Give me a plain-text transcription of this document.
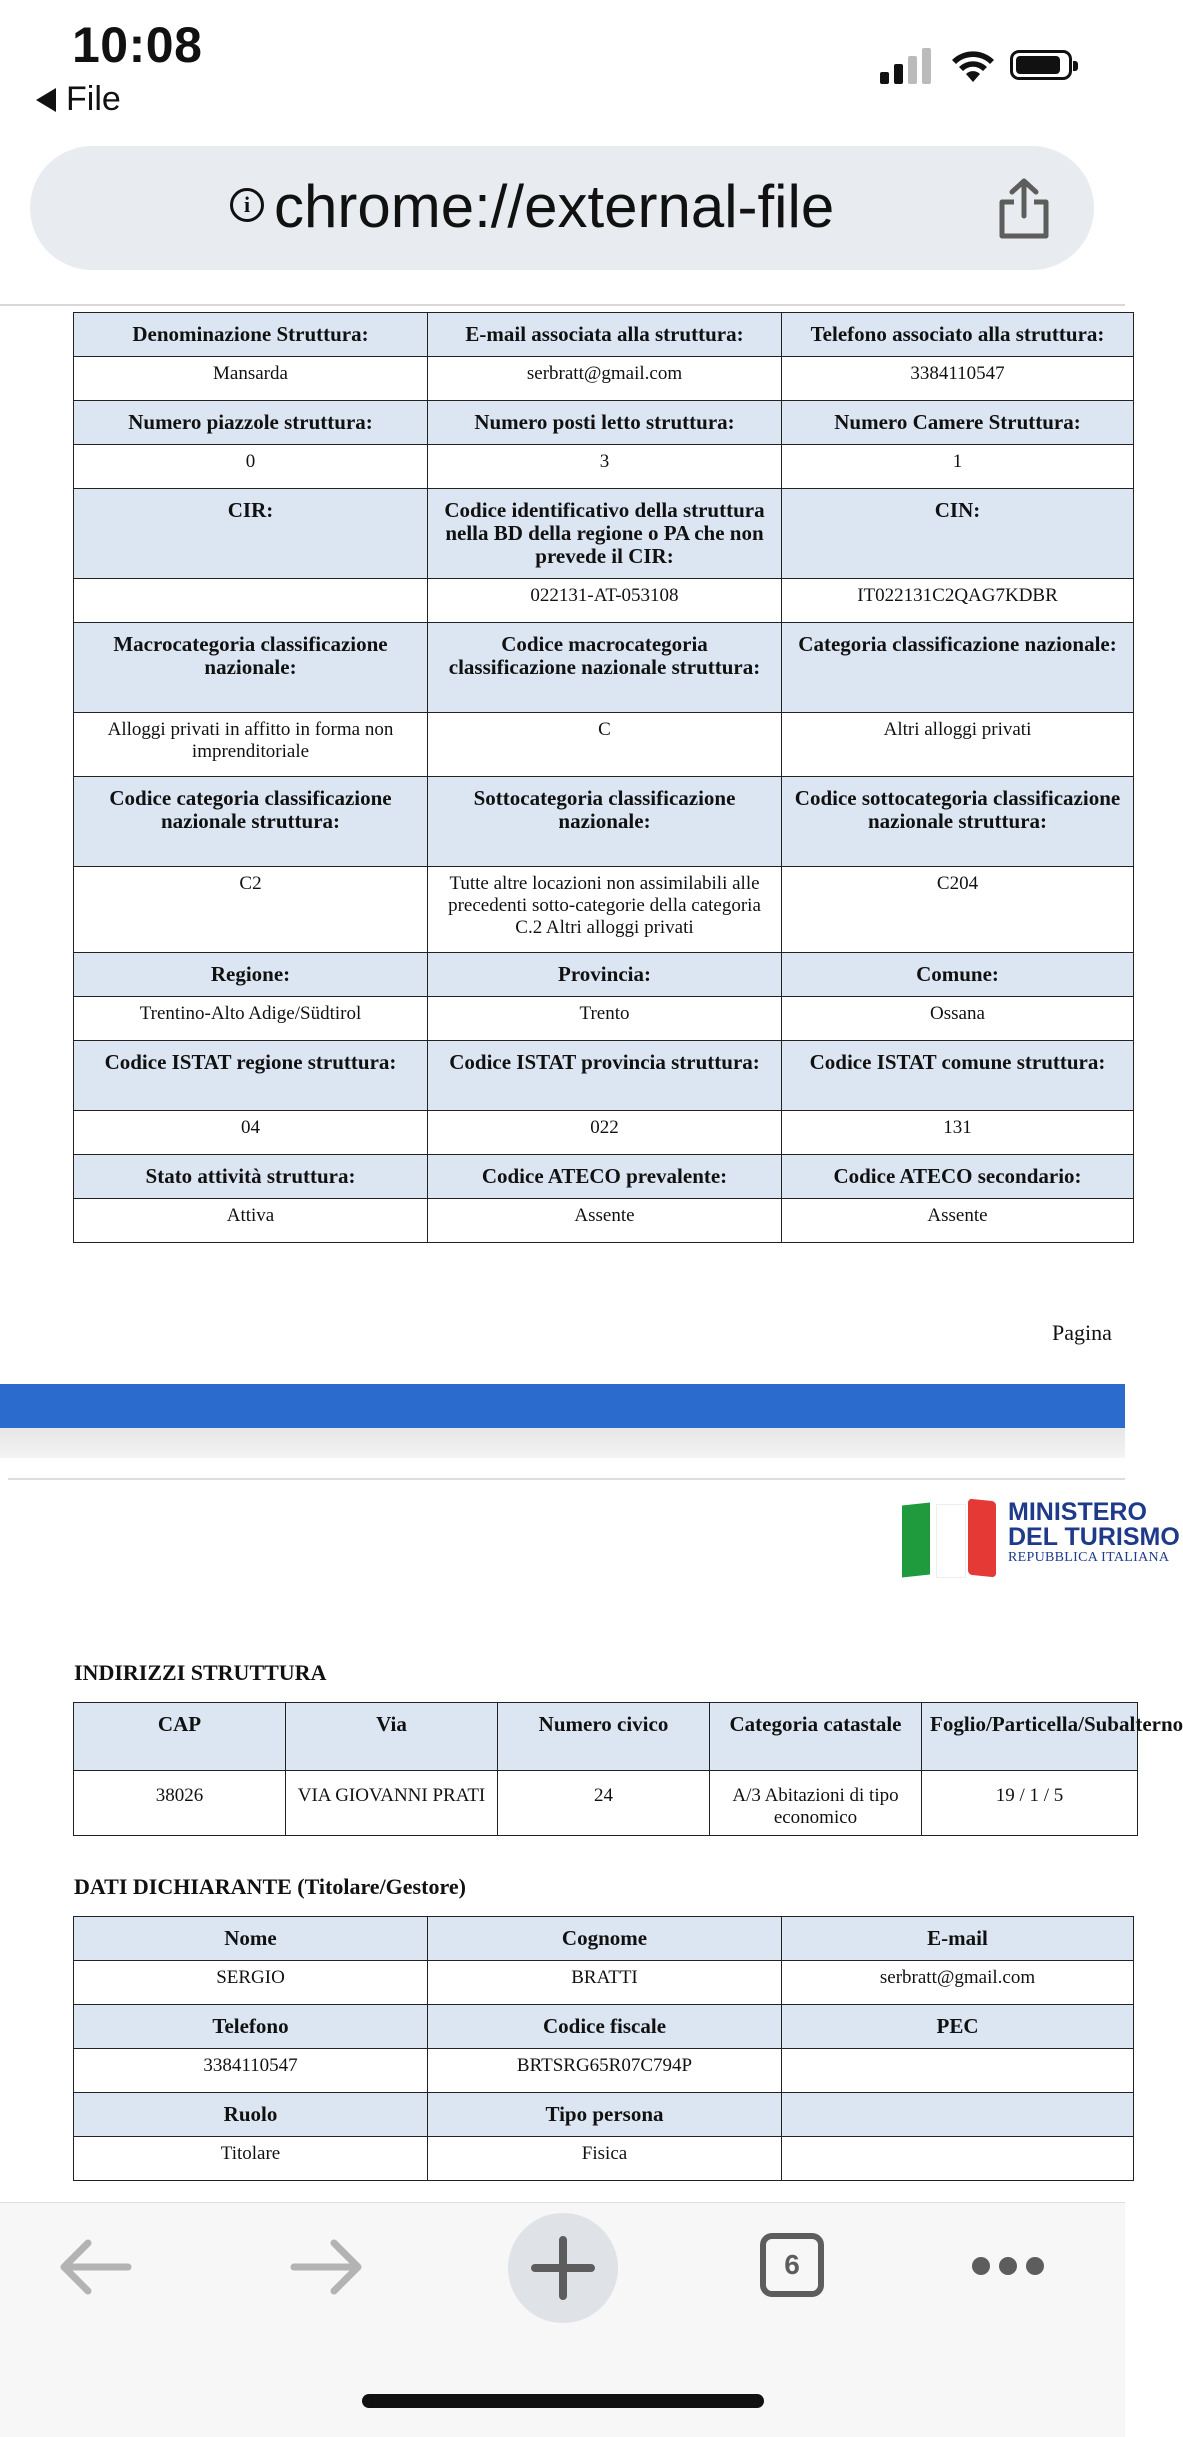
10:08
File
i chrome://external-file
Denominazione Struttura:	E-mail associata alla struttura:	Telefono associato alla struttura:
Mansarda	serbratt@gmail.com	3384110547
Numero piazzole struttura:	Numero posti letto struttura:	Numero Camere Struttura:
0	3	1
CIR:	Codice identificativo della struttura nella BD della regione o PA che non prevede il CIR:	CIN:
	022131-AT-053108	IT022131C2QAG7KDBR
Macrocategoria classificazione nazionale:	Codice macrocategoria classificazione nazionale struttura:	Categoria classificazione nazionale:
Alloggi privati in affitto in forma non imprenditoriale	C	Altri alloggi privati
Codice categoria classificazione nazionale struttura:	Sottocategoria classificazione nazionale:	Codice sottocategoria classificazione nazionale struttura:
C2	Tutte altre locazioni non assimilabili alle precedenti sotto-categorie della categoria C.2 Altri alloggi privati	C204
Regione:	Provincia:	Comune:
Trentino-Alto Adige/Südtirol	Trento	Ossana
Codice ISTAT regione struttura:	Codice ISTAT provincia struttura:	Codice ISTAT comune struttura:
04	022	131
Stato attività struttura:	Codice ATECO prevalente:	Codice ATECO secondario:
Attiva	Assente	Assente
Pagina
MINISTERO
DEL TURISMO
REPUBBLICA ITALIANA
INDIRIZZI STRUTTURA
CAP	Via	Numero civico	Categoria catastale	Foglio/Particella/Subalterno
38026	VIA GIOVANNI PRATI	24	A/3 Abitazioni di tipo economico	19 / 1 / 5
DATI DICHIARANTE (Titolare/Gestore)
Nome	Cognome	E-mail
SERGIO	BRATTI	serbratt@gmail.com
Telefono	Codice fiscale	PEC
3384110547	BRTSRG65R07C794P	
Ruolo	Tipo persona	
Titolare	Fisica	
6
